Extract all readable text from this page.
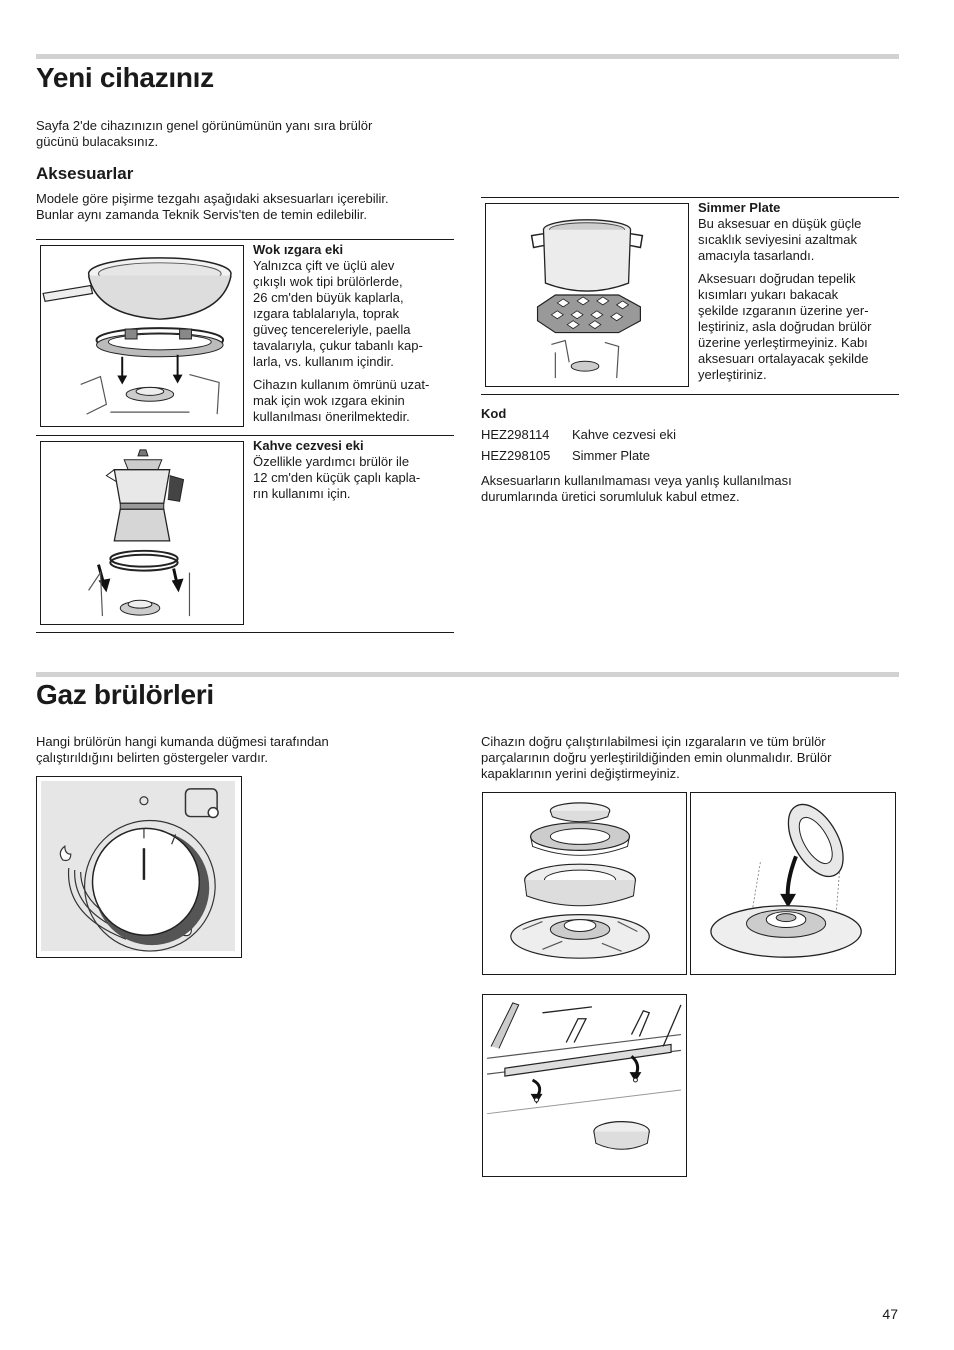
Yeni cihazınız
Sayfa 2'de cihazınızın genel görünümünün yanı sıra brülör
gücünü bulacaksınız.
Aksesuarlar
Modele göre pişirme tezgahı aşağıdaki aksesuarları içerebilir.
Bunlar aynı zamanda Teknik Servis'ten de temin edilebilir.
Wok ızgara eki
Yalnızca çift ve üçlü alev
çıkışlı wok tipi brülörlerde,
26 cm'den büyük kaplarla,
ızgara tablalarıyla, toprak
güveç tencereleriyle, paella
tavalarıyla, çukur tabanlı kap-
larla, vs. kullanım içindir.
Cihazın kullanım ömrünü uzat-
mak için wok ızgara ekinin
kullanılması önerilmektedir.
Kahve cezvesi eki
Özellikle yardımcı brülör ile
12 cm'den küçük çaplı kapla-
rın kullanımı için.
Simmer Plate
Bu aksesuar en düşük güçle
sıcaklık seviyesini azaltmak
amacıyla tasarlandı.
Aksesuarı doğrudan tepelik
kısımları yukarı bakacak
şekilde ızgaranın üzerine yer-
leştiriniz, asla doğrudan brülör
üzerine yerleştirmeyiniz. Kabı
aksesuarı ortalayacak şekilde
yerleştiriniz.
Kod
HEZ298114 Kahve cezvesi eki
HEZ298105 Simmer Plate
Aksesuarların kullanılmaması veya yanlış kullanılması
durumlarında üretici sorumluluk kabul etmez.
Gaz brülörleri
Hangi brülörün hangi kumanda düğmesi tarafından
çalıştırıldığını belirten göstergeler vardır.
Cihazın doğru çalıştırılabilmesi için ızgaraların ve tüm brülör
parçalarının doğru yerleştirildiğinden emin olunmalıdır. Brülör
kapaklarının yerini değiştirmeyiniz.
47
